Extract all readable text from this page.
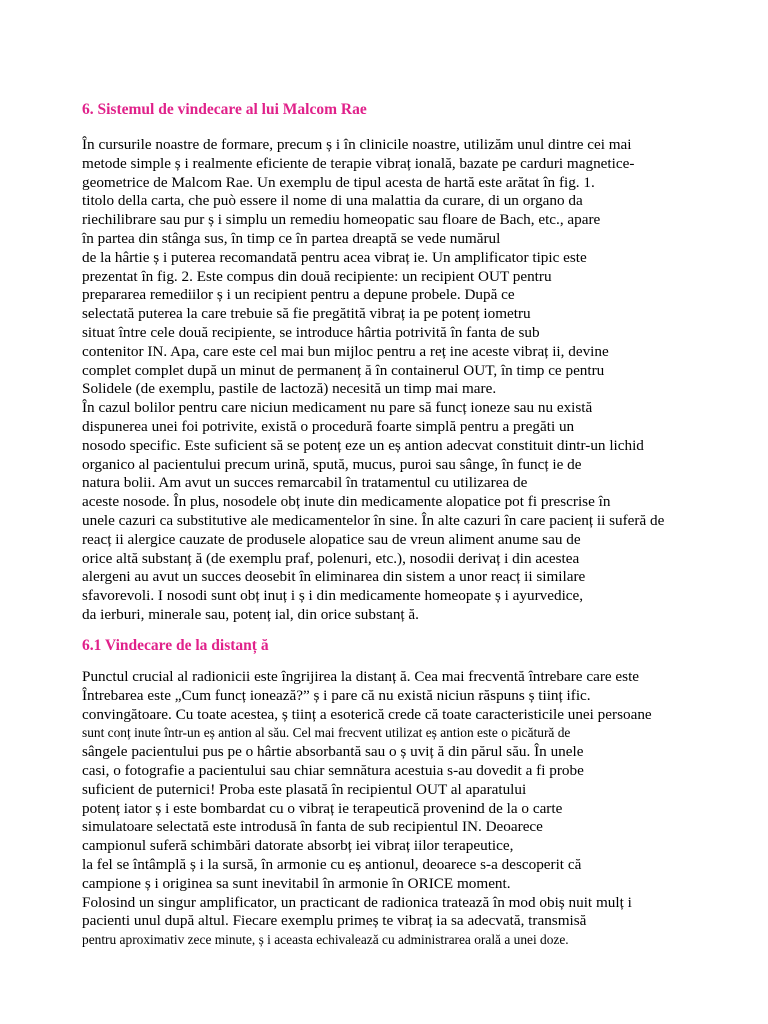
6. Sistemul de vindecare al lui Malcom Rae
În cursurile noastre de formare, precum ș i în clinicile noastre, utilizăm unul dintre cei mai
metode simple ș i realmente eficiente de terapie vibraț ională, bazate pe carduri magnetice-
geometrice de Malcom Rae. Un exemplu de tipul acesta de hartă este arătat în fig. 1.
titolo della carta, che può essere il nome di una malattia da curare, di un organo da
riechilibrare sau pur ș i simplu un remediu homeopatic sau floare de Bach, etc., apare
în partea din stânga sus, în timp ce în partea dreaptă se vede numărul
de la hârtie ș i puterea recomandată pentru acea vibraț ie. Un amplificator tipic este
prezentat în fig. 2. Este compus din două recipiente: un recipient OUT pentru
prepararea remediilor ș i un recipient pentru a depune probele. După ce
selectată puterea la care trebuie să fie pregătită vibraț ia pe potenț iometru
situat între cele două recipiente, se introduce hârtia potrivită în fanta de sub
contenitor IN. Apa, care este cel mai bun mijloc pentru a reț ine aceste vibraț ii, devine
complet complet după un minut de permanenț ă în containerul OUT, în timp ce pentru
Solidele (de exemplu, pastile de lactoză) necesită un timp mai mare.
În cazul bolilor pentru care niciun medicament nu pare să funcț ioneze sau nu există
dispunerea unei foi potrivite, există o procedură foarte simplă pentru a pregăti un
nosodo specific. Este suficient să se potenț eze un eș antion adecvat constituit dintr-un lichid
organico al pacientului precum urină, spută, mucus, puroi sau sânge, în funcț ie de
natura bolii. Am avut un succes remarcabil în tratamentul cu utilizarea de
aceste nosode. În plus, nosodele obț inute din medicamente alopatice pot fi prescrise în
unele cazuri ca substitutive ale medicamentelor în sine. În alte cazuri în care pacienț ii suferă de
reacț ii alergice cauzate de produsele alopatice sau de vreun aliment anume sau de
orice altă substanț ă (de exemplu praf, polenuri, etc.), nosodii derivaț i din acestea
alergeni au avut un succes deosebit în eliminarea din sistem a unor reacț ii similare
sfavorevoli. I nosodi sunt obț inuț i ș i din medicamente homeopate ș i ayurvedice,
da ierburi, minerale sau, potenț ial, din orice substanț ă.
6.1 Vindecare de la distanț ă
Punctul crucial al radionicii este îngrijirea la distanț ă. Cea mai frecventă întrebare care este
Întrebarea este „Cum funcț ionează?” ș i pare că nu există niciun răspuns ș tiinț ific.
convingătoare. Cu toate acestea, ș tiinț a esoterică crede că toate caracteristicile unei persoane
sunt conț inute într-un eș antion al său. Cel mai frecvent utilizat eș antion este o picătură de
sângele pacientului pus pe o hârtie absorbantă sau o ș uviț ă din părul său. În unele
casi, o fotografie a pacientului sau chiar semnătura acestuia s-au dovedit a fi probe
suficient de puternici! Proba este plasată în recipientul OUT al aparatului
potenț iator ș i este bombardat cu o vibraț ie terapeutică provenind de la o carte
simulatoare selectată este introdusă în fanta de sub recipientul IN. Deoarece
campionul suferă schimbări datorate absorbț iei vibraț iilor terapeutice,
la fel se întâmplă ș i la sursă, în armonie cu eș antionul, deoarece s-a descoperit că
campione ș i originea sa sunt inevitabil în armonie în ORICE moment.
Folosind un singur amplificator, un practicant de radionica tratează în mod obiș nuit mulț i
pacienti unul după altul. Fiecare exemplu primeș te vibraț ia sa adecvată, transmisă
pentru aproximativ zece minute, ș i aceasta echivalează cu administrarea orală a unei doze.
